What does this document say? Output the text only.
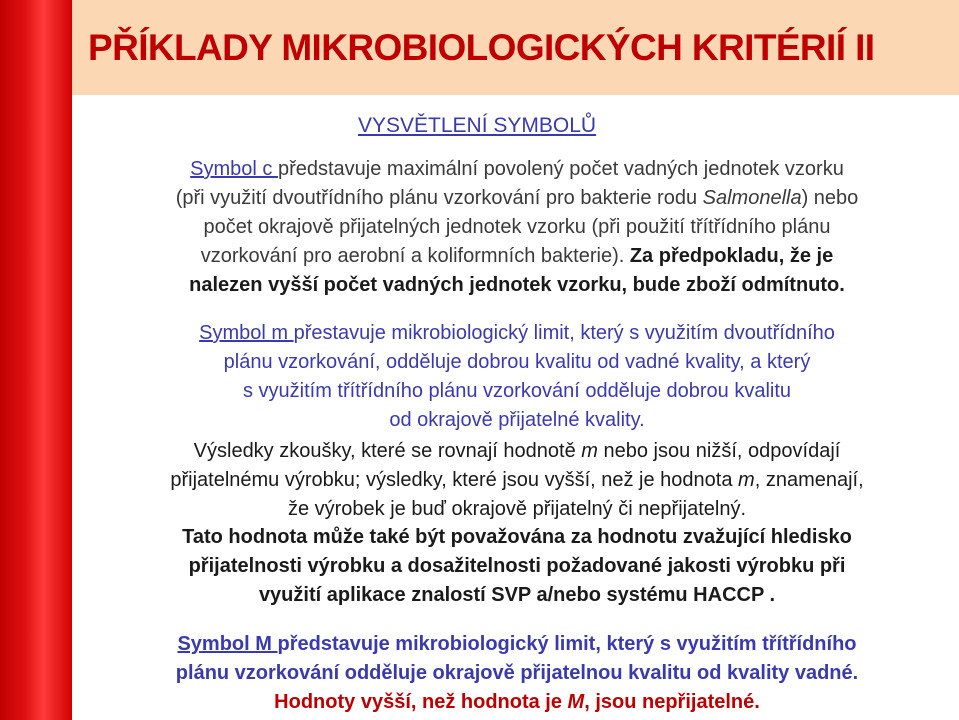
PŘÍKLADY MIKROBIOLOGICKÝCH KRITÉRIÍ II
VYSVĚTLENÍ SYMBOLŮ
Symbol c představuje maximální povolený počet vadných jednotek vzorku
(při využití dvoutřídního plánu vzorkování pro bakterie rodu Salmonella) nebo
počet okrajově přijatelných jednotek vzorku (při použití třítřídního plánu
vzorkování pro aerobní a koliformních bakterie). Za předpokladu, že je
nalezen vyšší počet vadných jednotek vzorku, bude zboží odmítnuto.
Symbol m přestavuje mikrobiologický limit, který s využitím dvoutřídního
plánu vzorkování, odděluje dobrou kvalitu od vadné kvality, a který
s využitím třítřídního plánu vzorkování odděluje dobrou kvalitu
od okrajově přijatelné kvality.
Výsledky zkoušky, které se rovnají hodnotě m nebo jsou nižší, odpovídají
přijatelnému výrobku; výsledky, které jsou vyšší, než je hodnota m, znamenají,
že výrobek je buď okrajově přijatelný či nepřijatelný.
Tato hodnota může také být považována za hodnotu zvažující hledisko
přijatelnosti výrobku a dosažitelnosti požadované jakosti výrobku při
využití aplikace znalostí SVP a/nebo systému HACCP .
Symbol M představuje mikrobiologický limit, který s využitím třítřídního
plánu vzorkování odděluje okrajově přijatelnou kvalitu od kvality vadné.
Hodnoty vyšší, než hodnota je M, jsou nepřijatelné.
